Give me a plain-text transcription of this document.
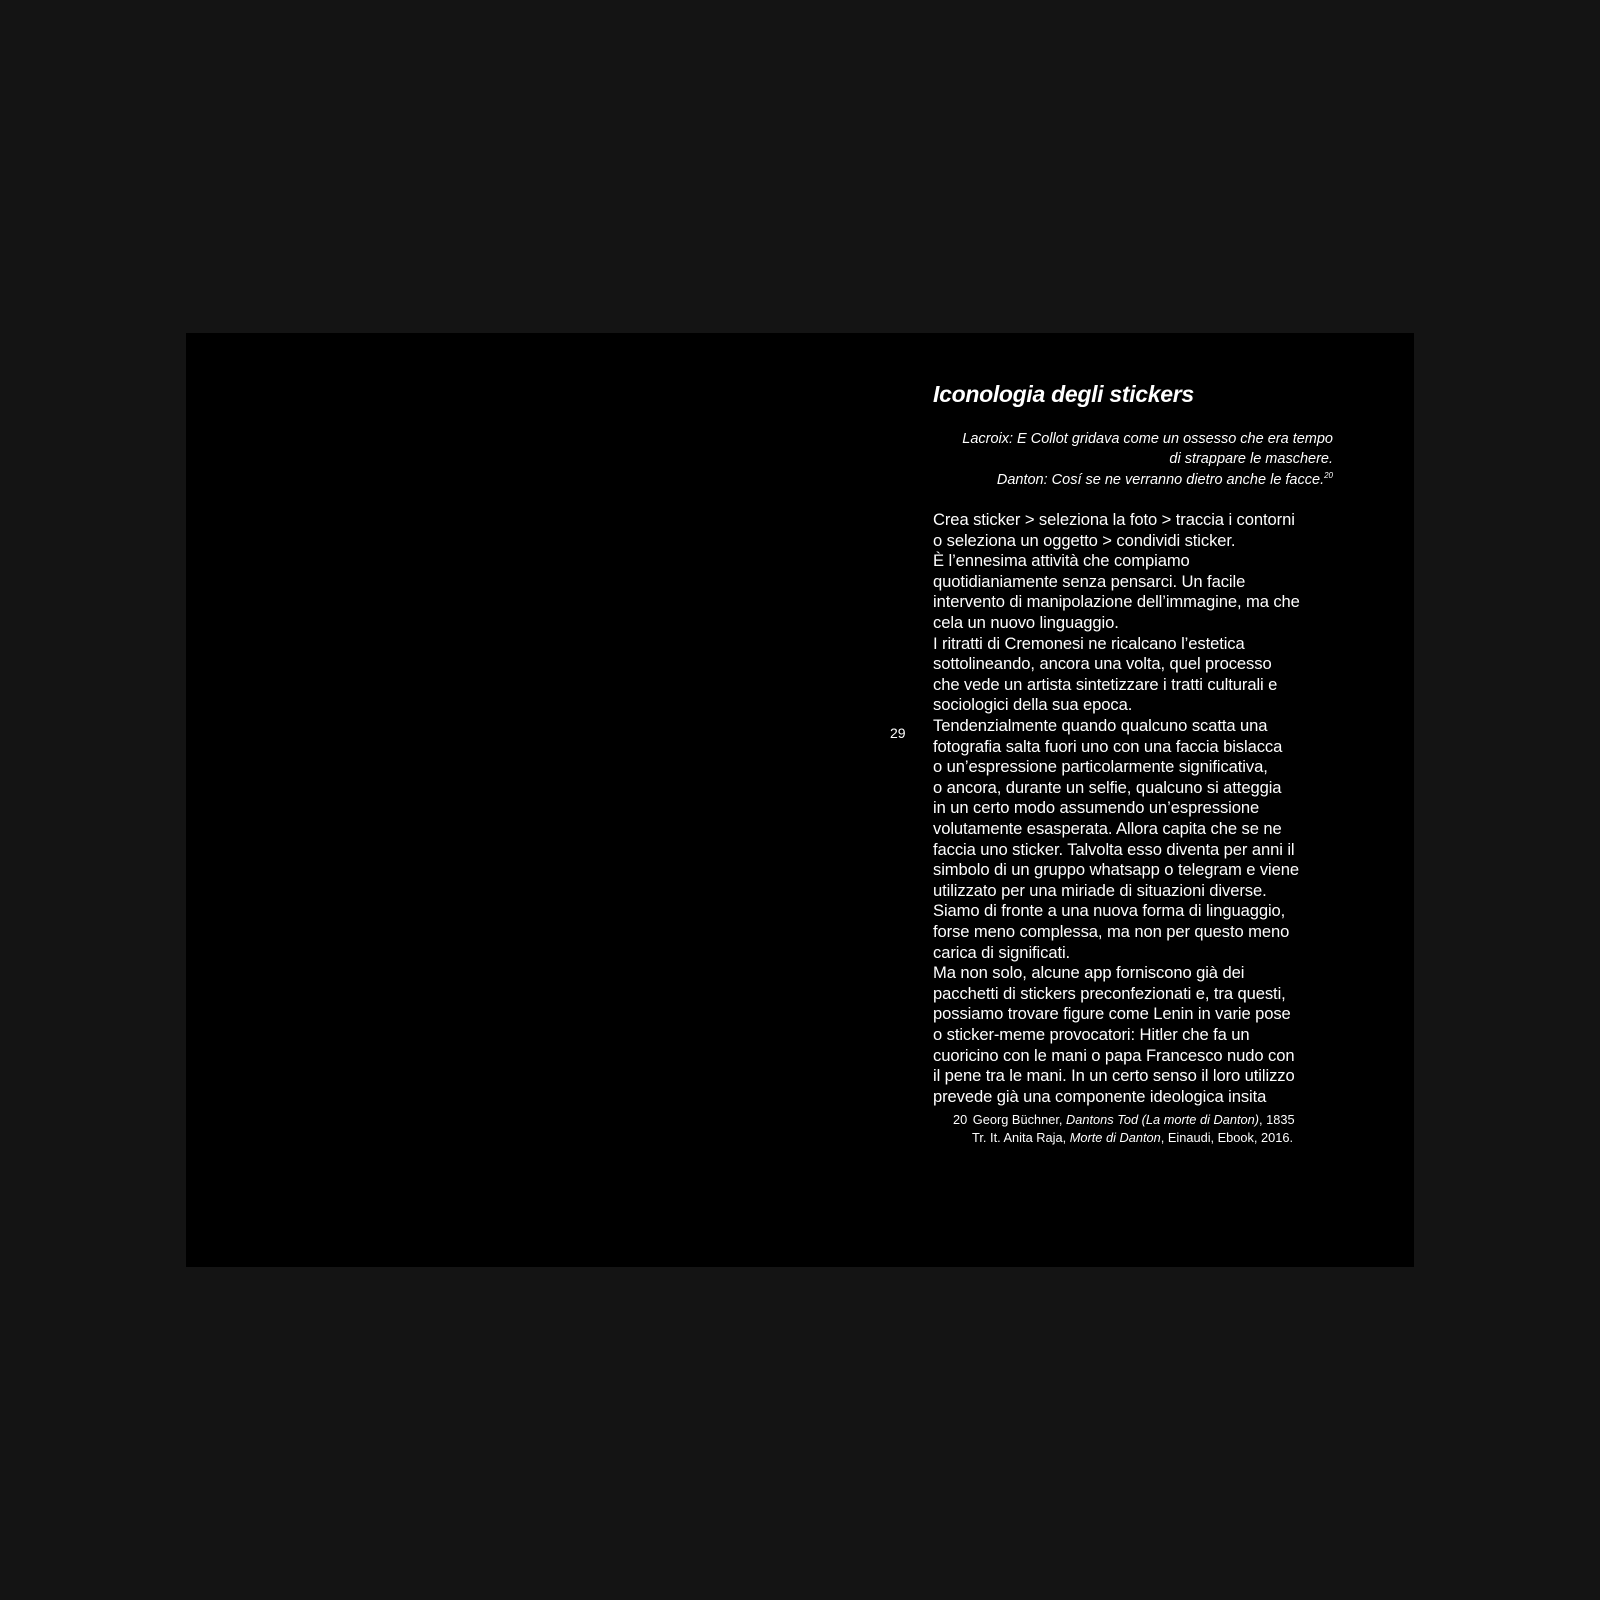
29
Iconologia degli stickers
Lacroix: E Collot gridava come un ossesso che era tempo
di strappare le maschere.
Danton: Cosí se ne verranno dietro anche le facce.$^{20}$
Crea sticker > seleziona la foto > traccia i contorni
o seleziona un oggetto > condividi sticker.
È l’ennesima attività che compiamo
quotidianiamente senza pensarci. Un facile
intervento di manipolazione dell’immagine, ma che
cela un nuovo linguaggio.
I ritratti di Cremonesi ne ricalcano l’estetica
sottolineando, ancora una volta, quel processo
che vede un artista sintetizzare i tratti culturali e
sociologici della sua epoca.
Tendenzialmente quando qualcuno scatta una
fotografia salta fuori uno con una faccia bislacca
o un’espressione particolarmente significativa,
o ancora, durante un selfie, qualcuno si atteggia
in un certo modo assumendo un’espressione
volutamente esasperata. Allora capita che se ne
faccia uno sticker. Talvolta esso diventa per anni il
simbolo di un gruppo whatsapp o telegram e viene
utilizzato per una miriade di situazioni diverse.
Siamo di fronte a una nuova forma di linguaggio,
forse meno complessa, ma non per questo meno
carica di significati.
Ma non solo, alcune app forniscono già dei
pacchetti di stickers preconfezionati e, tra questi,
possiamo trovare figure come Lenin in varie pose
o sticker-meme provocatori: Hitler che fa un
cuoricino con le mani o papa Francesco nudo con
il pene tra le mani. In un certo senso il loro utilizzo
prevede già una componente ideologica insita
20 Georg Büchner, Dantons Tod (La morte di Danton), 1835
Tr. It. Anita Raja, Morte di Danton, Einaudi, Ebook, 2016.
